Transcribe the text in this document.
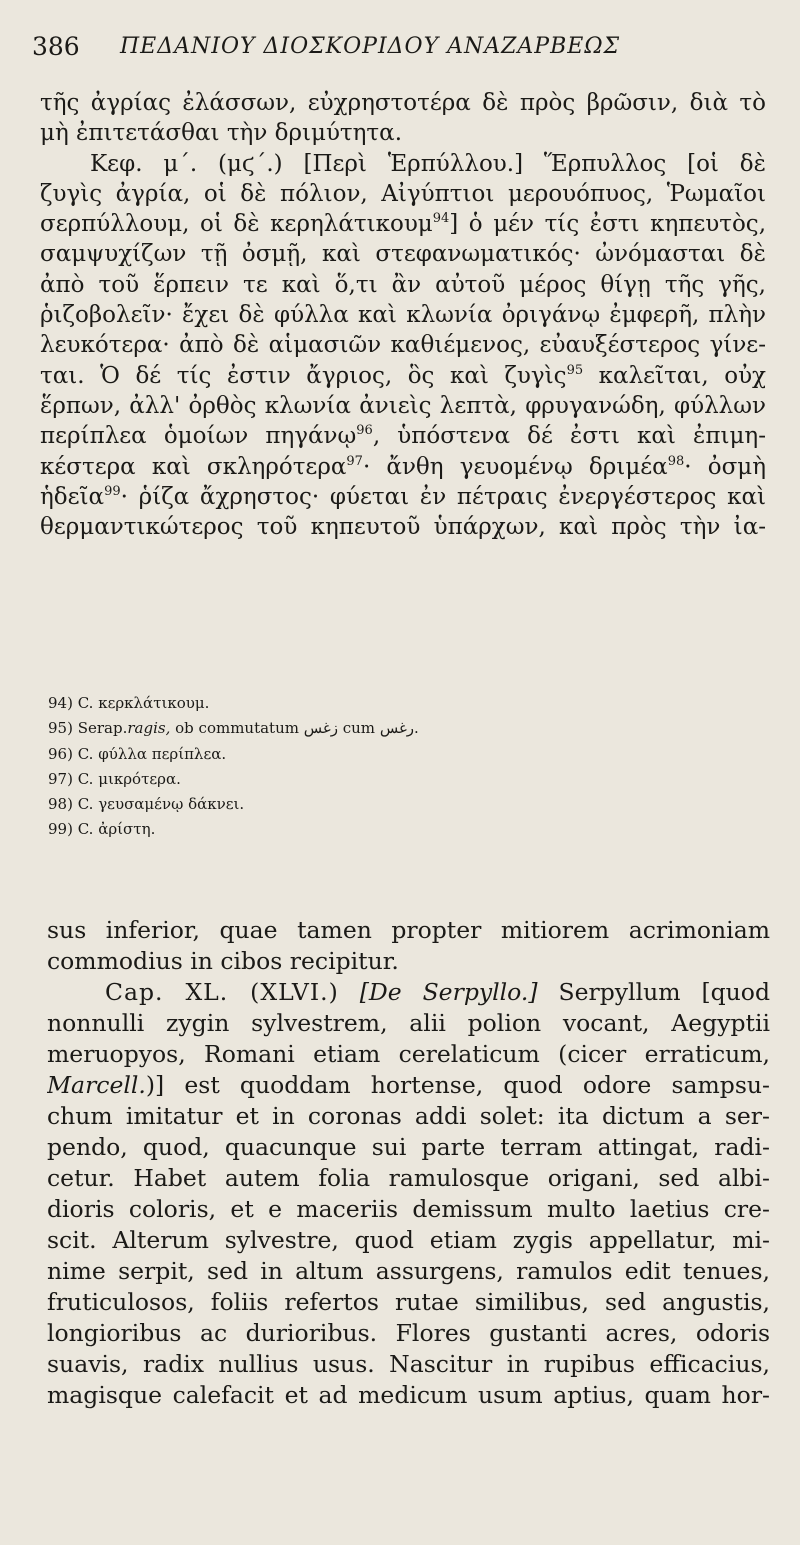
386 ΠΕΔΑΝΙΟΥ ΔΙΟΣΚΟΡΙΔΟΥ ΑΝΑΖΑΡΒΕΩΣ
τῆς ἀγρίας ἐλάσσων, εὐχρηστοτέρα δὲ πρὸς βρῶσιν, διὰ τὸ
μὴ ἐπιτετάσθαι τὴν δριμύτητα.
Κεφ. μ΄. (μϛ΄.) [Περὶ Ἑρπύλλου.] Ἕρπυλλος [οἱ δὲ
ζυγὶς ἀγρία, οἱ δὲ πόλιον, Αἰγύπτιοι μερουόπυος, Ῥωμαῖοι
σερπύλλουμ, οἱ δὲ κερηλάτικουμ$^{94}$] ὁ μέν τίς ἐστι κηπευτὸς,
σαμψυχίζων τῇ ὀσμῇ, καὶ στεφανωματικός· ὠνόμασται δὲ
ἀπὸ τοῦ ἕρπειν τε καὶ ὅ,τι ἂν αὐτοῦ μέρος θίγῃ τῆς γῆς,
ῥιζοβολεῖν· ἔχει δὲ φύλλα καὶ κλωνία ὀριγάνῳ ἐμφερῆ, πλὴν
λευκότερα· ἀπὸ δὲ αἱμασιῶν καθιέμενος, εὐαυξέστερος γίνε-
ται. Ὁ δέ τίς ἐστιν ἄγριος, ὃς καὶ ζυγὶς$^{95}$ καλεῖται, οὐχ
ἕρπων, ἀλλ' ὀρθὸς κλωνία ἀνιεὶς λεπτὰ, φρυγανώδη, φύλλων
περίπλεα ὁμοίων πηγάνῳ$^{96}$, ὑπόστενα δέ ἐστι καὶ ἐπιμη-
κέστερα καὶ σκληρότερα$^{97}$· ἄνθη γευομένῳ δριμέα$^{98}$· ὀσμὴ
ἡδεῖα$^{99}$· ῥίζα ἄχρηστος· φύεται ἐν πέτραις ἐνεργέστερος καὶ
θερμαντικώτερος τοῦ κηπευτοῦ ὑπάρχων, καὶ πρὸς τὴν ἰα-
94) C. κερκλάτικουμ.
95) Serap.ragis, ob commutatum زغس cum رغس.
96) C. φύλλα περίπλεα.
97) C. μικρότερα.
98) C. γευσαμένῳ δάκνει.
99) C. ἀρίστη.
sus inferior, quae tamen propter mitiorem acrimoniam
commodius in cibos recipitur.
Cap. XL. (XLVI.) [De Serpyllo.] Serpyllum [quod
nonnulli zygin sylvestrem, alii polion vocant, Aegyptii
meruopyos, Romani etiam cerelaticum (cicer erraticum,
Marcell.)] est quoddam hortense, quod odore sampsu-
chum imitatur et in coronas addi solet: ita dictum a ser-
pendo, quod, quacunque sui parte terram attingat, radi-
cetur. Habet autem folia ramulosque origani, sed albi-
dioris coloris, et e maceriis demissum multo laetius cre-
scit. Alterum sylvestre, quod etiam zygis appellatur, mi-
nime serpit, sed in altum assurgens, ramulos edit tenues,
fruticulosos, foliis refertos rutae similibus, sed angustis,
longioribus ac durioribus. Flores gustanti acres, odoris
suavis, radix nullius usus. Nascitur in rupibus efficacius,
magisque calefacit et ad medicum usum aptius, quam hor-
